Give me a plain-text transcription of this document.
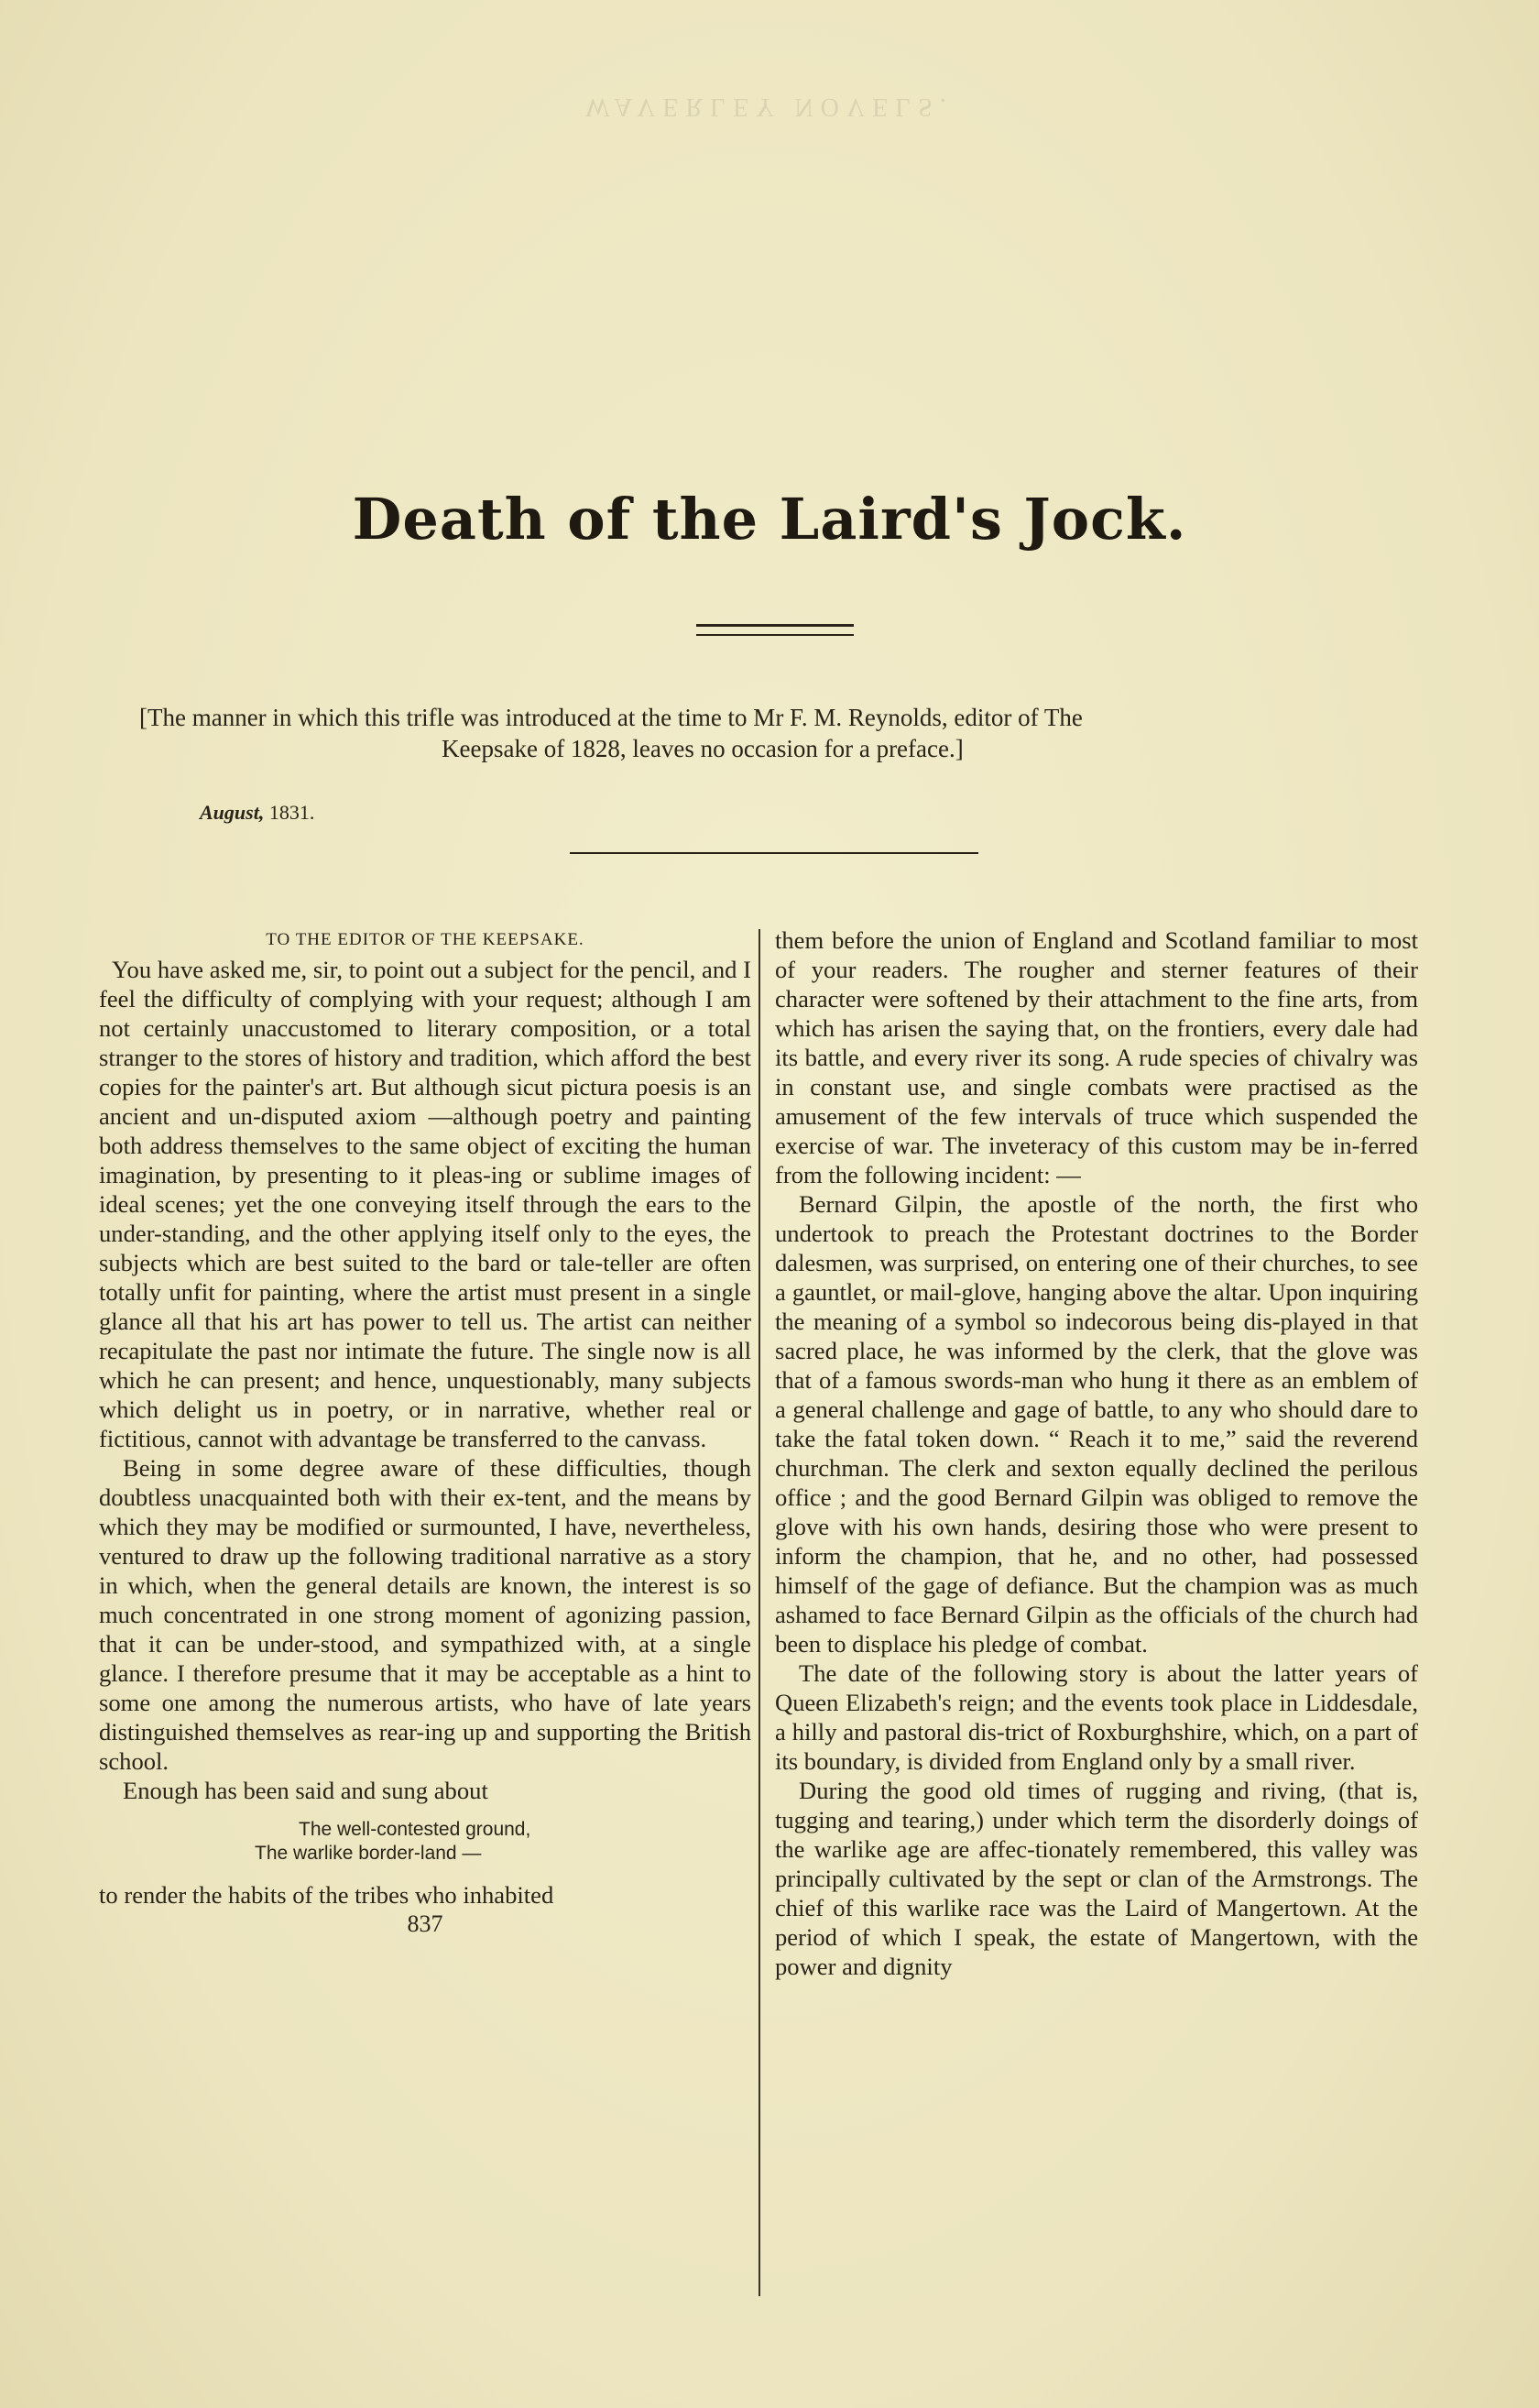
WAVERLEY NOVELS.
Death of the Laird's Jock.
[The manner in which this trifle was introduced at the time to Mr F. M. Reynolds, editor of The
Keepsake of 1828, leaves no occasion for a preface.]
August, 1831.

TO THE EDITOR OF THE KEEPSAKE.

You have asked me, sir, to point out a subject for the pencil, and I feel the difficulty of complying with your request; although I am not certainly unaccustomed to literary composition, or a total stranger to the stores of history and tradition, which afford the best copies for the painter's art. But although sicut pictura poesis is an ancient and un-disputed axiom —although poetry and painting both address themselves to the same object of exciting the human imagination, by presenting to it pleas-ing or sublime images of ideal scenes; yet the one conveying itself through the ears to the under-standing, and the other applying itself only to the eyes, the subjects which are best suited to the bard or tale-teller are often totally unfit for painting, where the artist must present in a single glance all that his art has power to tell us. The artist can neither recapitulate the past nor intimate the future. The single now is all which he can present; and hence, unquestionably, many subjects which delight us in poetry, or in narrative, whether real or fictitious, cannot with advantage be transferred to the canvass.

Being in some degree aware of these difficulties, though doubtless unacquainted both with their ex-tent, and the means by which they may be modified or surmounted, I have, nevertheless, ventured to draw up the following traditional narrative as a story in which, when the general details are known, the interest is so much concentrated in one strong moment of agonizing passion, that it can be under-stood, and sympathized with, at a single glance. I therefore presume that it may be acceptable as a hint to some one among the numerous artists, who have of late years distinguished themselves as rear-ing up and supporting the British school.

Enough has been said and sung about

The well-contested ground,
The warlike border-land —

to render the habits of the tribes who inhabited

837

them before the union of England and Scotland familiar to most of your readers. The rougher and sterner features of their character were softened by their attachment to the fine arts, from which has arisen the saying that, on the frontiers, every dale had its battle, and every river its song. A rude species of chivalry was in constant use, and single combats were practised as the amusement of the few intervals of truce which suspended the exercise of war. The inveteracy of this custom may be in-ferred from the following incident: —

Bernard Gilpin, the apostle of the north, the first who undertook to preach the Protestant doctrines to the Border dalesmen, was surprised, on entering one of their churches, to see a gauntlet, or mail-glove, hanging above the altar. Upon inquiring the meaning of a symbol so indecorous being dis-played in that sacred place, he was informed by the clerk, that the glove was that of a famous swords-man who hung it there as an emblem of a general challenge and gage of battle, to any who should dare to take the fatal token down. “ Reach it to me,” said the reverend churchman. The clerk and sexton equally declined the perilous office ; and the good Bernard Gilpin was obliged to remove the glove with his own hands, desiring those who were present to inform the champion, that he, and no other, had possessed himself of the gage of defiance. But the champion was as much ashamed to face Bernard Gilpin as the officials of the church had been to displace his pledge of combat.

The date of the following story is about the latter years of Queen Elizabeth's reign; and the events took place in Liddesdale, a hilly and pastoral dis-trict of Roxburghshire, which, on a part of its boundary, is divided from England only by a small river.

During the good old times of rugging and riving, (that is, tugging and tearing,) under which term the disorderly doings of the warlike age are affec-tionately remembered, this valley was principally cultivated by the sept or clan of the Armstrongs. The chief of this warlike race was the Laird of Mangertown. At the period of which I speak, the estate of Mangertown, with the power and dignity
